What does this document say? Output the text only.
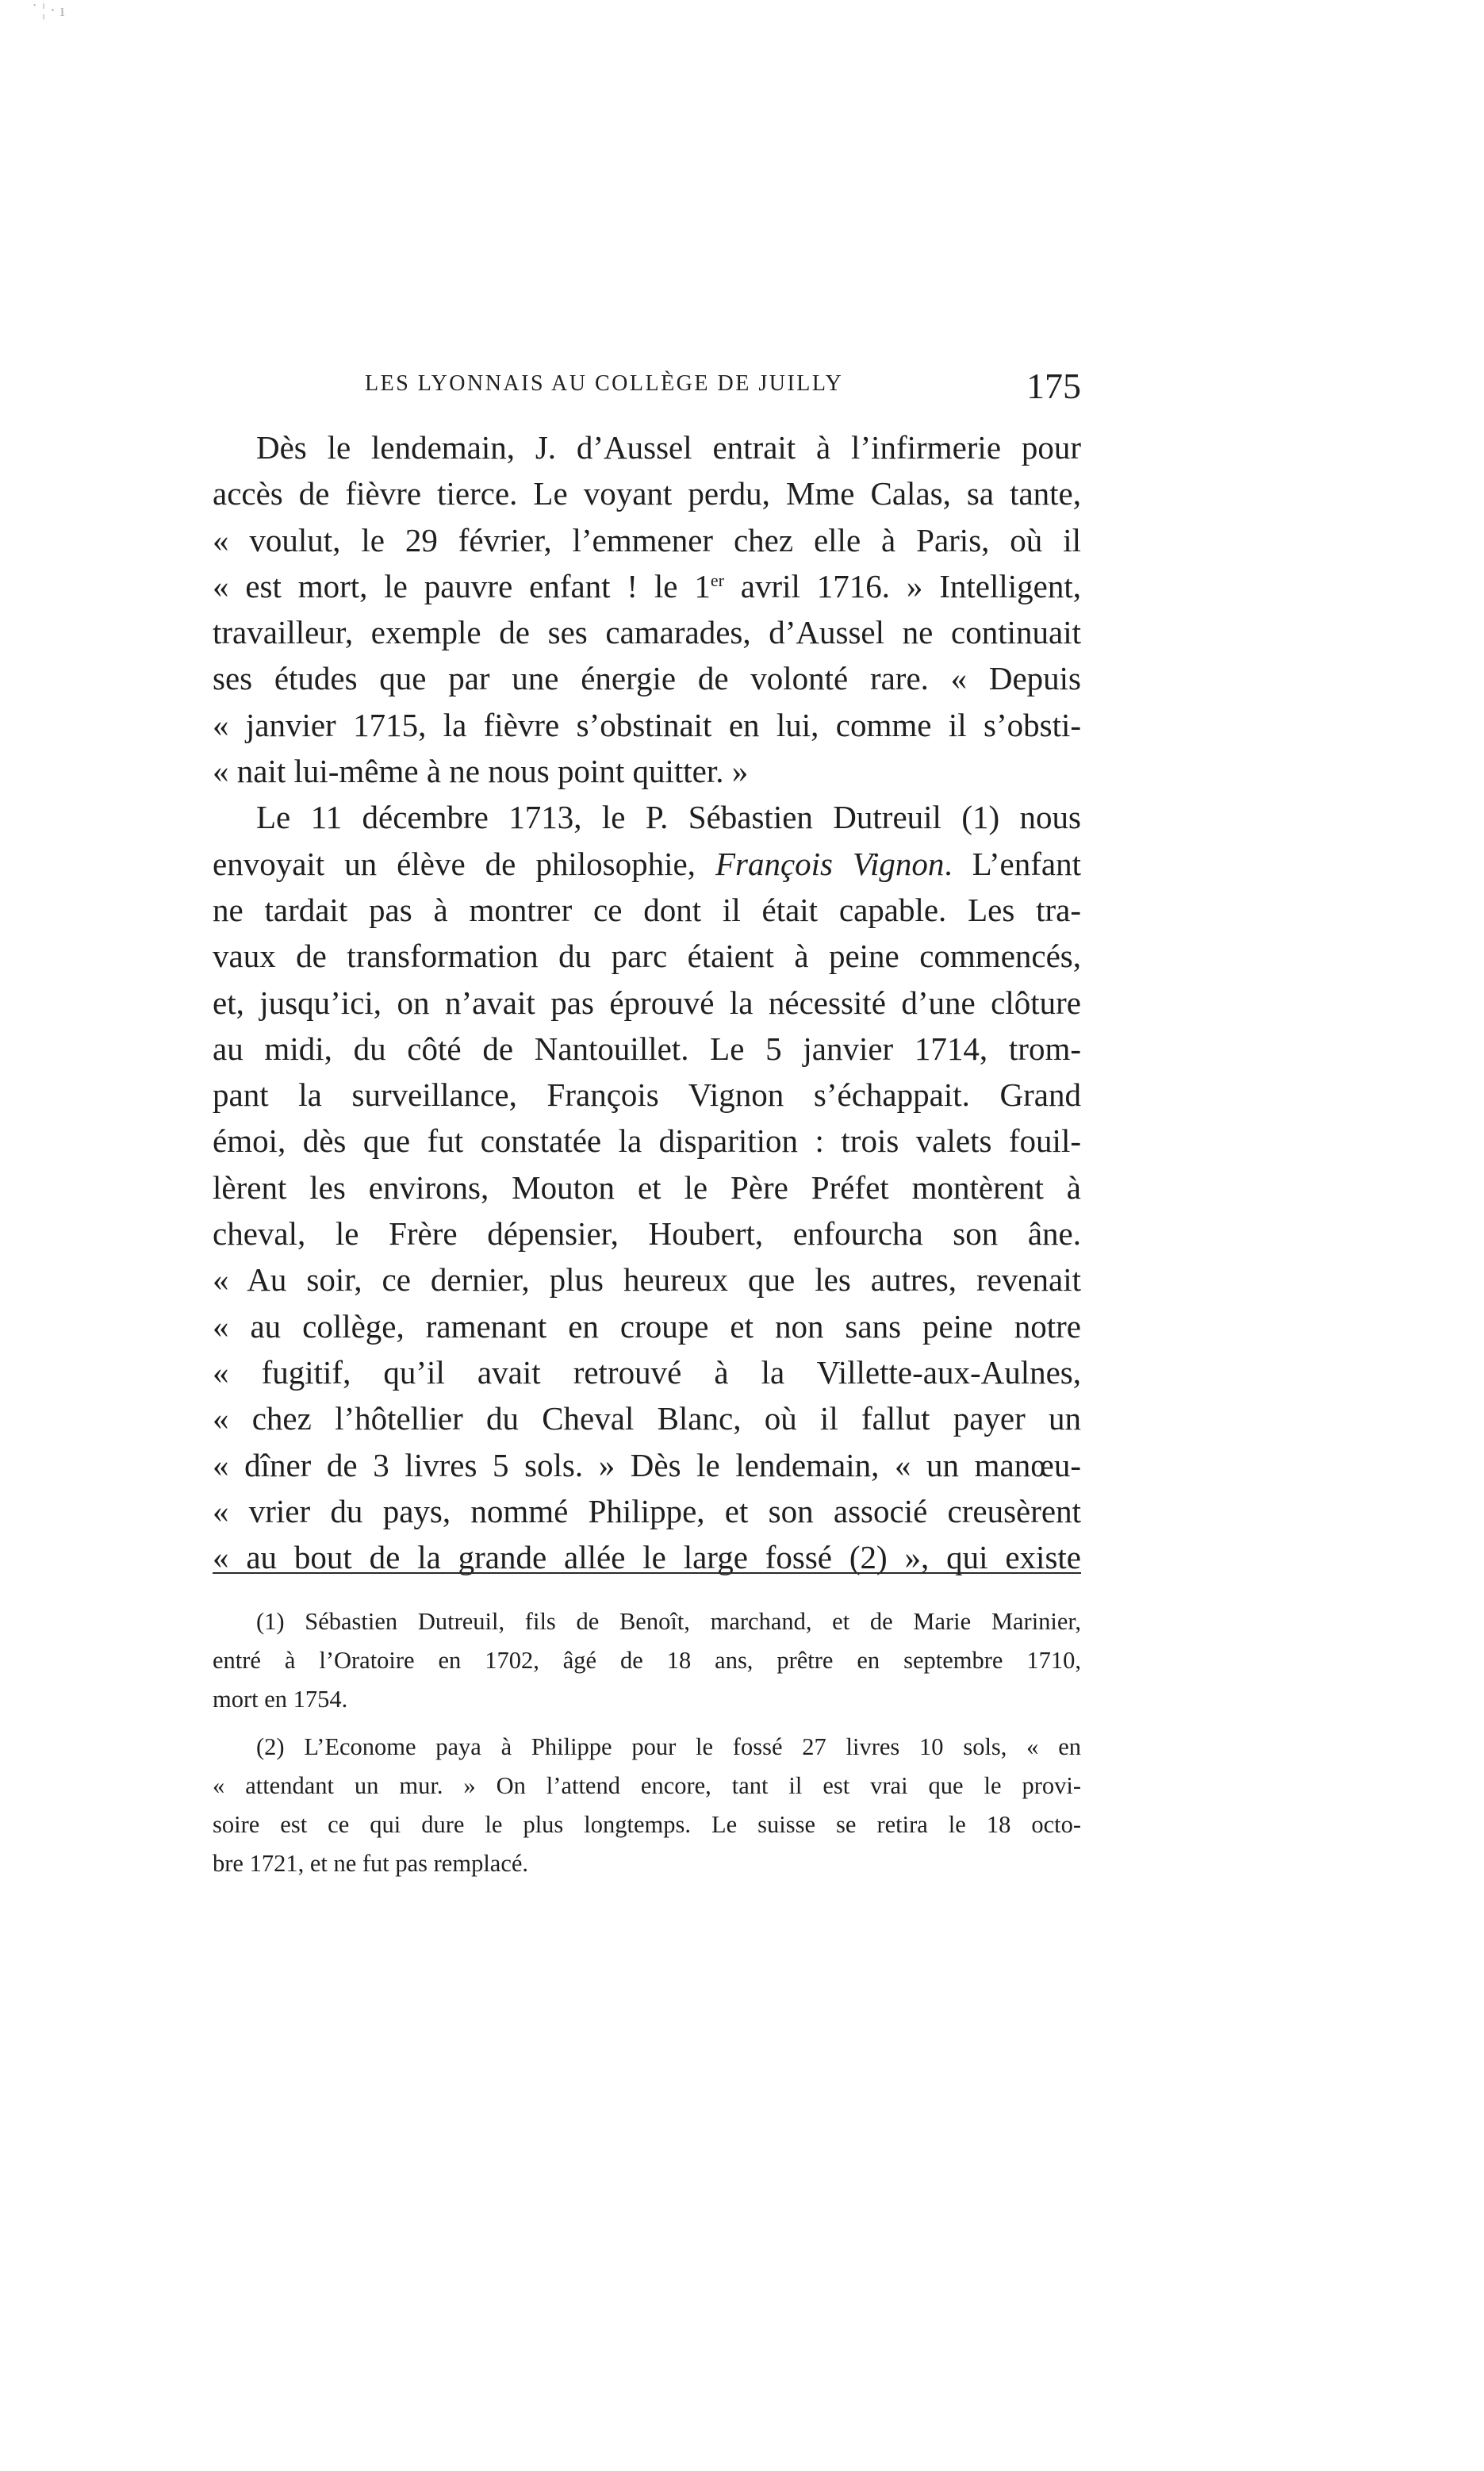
˙ ¦ · ı
LES LYONNAIS AU COLLÈGE DE JUILLY	175
Dès le lendemain, J. d’Aussel entrait à l’infirmerie pour
accès de fièvre tierce. Le voyant perdu, Mme Calas, sa tante,
« voulut, le 29 février, l’emmener chez elle à Paris, où il
« est mort, le pauvre enfant ! le 1er avril 1716. » Intelligent,
travailleur, exemple de ses camarades, d’Aussel ne continuait
ses études que par une énergie de volonté rare. « Depuis
« janvier 1715, la fièvre s’obstinait en lui, comme il s’obsti-
« nait lui-même à ne nous point quitter. »
Le 11 décembre 1713, le P. Sébastien Dutreuil (1) nous
envoyait un élève de philosophie, François Vignon. L’enfant
ne tardait pas à montrer ce dont il était capable. Les tra-
vaux de transformation du parc étaient à peine commencés,
et, jusqu’ici, on n’avait pas éprouvé la nécessité d’une clôture
au midi, du côté de Nantouillet. Le 5 janvier 1714, trom-
pant la surveillance, François Vignon s’échappait. Grand
émoi, dès que fut constatée la disparition : trois valets fouil-
lèrent les environs, Mouton et le Père Préfet montèrent à
cheval, le Frère dépensier, Houbert, enfourcha son âne.
« Au soir, ce dernier, plus heureux que les autres, revenait
« au collège, ramenant en croupe et non sans peine notre
« fugitif, qu’il avait retrouvé à la Villette-aux-Aulnes,
« chez l’hôtellier du Cheval Blanc, où il fallut payer un
« dîner de 3 livres 5 sols. » Dès le lendemain, « un manœu-
« vrier du pays, nommé Philippe, et son associé creusèrent
« au bout de la grande allée le large fossé (2) », qui existe
(1) Sébastien Dutreuil, fils de Benoît, marchand, et de Marie Marinier,
entré à l’Oratoire en 1702, âgé de 18 ans, prêtre en septembre 1710,
mort en 1754.
(2) L’Econome paya à Philippe pour le fossé 27 livres 10 sols, « en
« attendant un mur. » On l’attend encore, tant il est vrai que le provi-
soire est ce qui dure le plus longtemps. Le suisse se retira le 18 octo-
bre 1721, et ne fut pas remplacé.
